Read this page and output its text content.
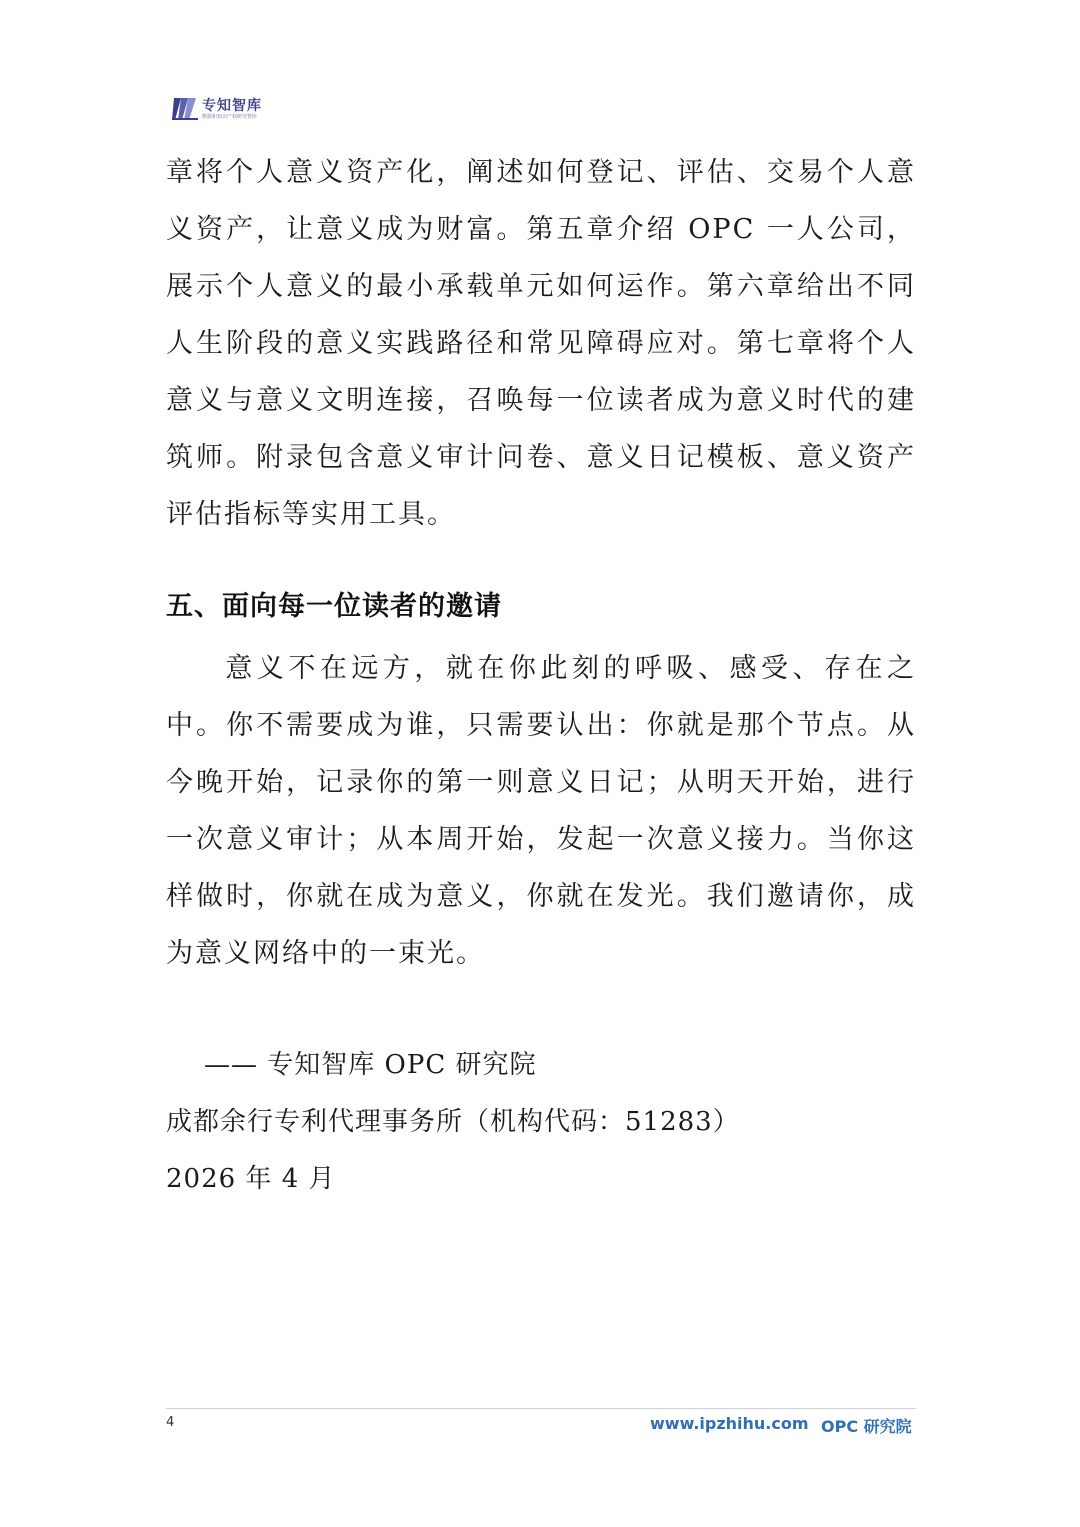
专知智库
数据和知识产权研究智库

章将个人意义资产化，阐述如何登记、评估、交易个人意义资产，让意义成为财富。第五章介绍 OPC 一人公司，展示个人意义的最小承载单元如何运作。第六章给出不同人生阶段的意义实践路径和常见障碍应对。第七章将个人意义与意义文明连接，召唤每一位读者成为意义时代的建筑师。附录包含意义审计问卷、意义日记模板、意义资产评估指标等实用工具。

五、面向每一位读者的邀请

意义不在远方，就在你此刻的呼吸、感受、存在之中。你不需要成为谁，只需要认出：你就是那个节点。从今晚开始，记录你的第一则意义日记；从明天开始，进行一次意义审计；从本周开始，发起一次意义接力。当你这样做时，你就在成为意义，你就在发光。我们邀请你，成为意义网络中的一束光。

—— 专知智库 OPC 研究院
成都余行专利代理事务所（机构代码：51283）
2026 年 4 月
4	www.ipzhihu.com OPC 研究院
